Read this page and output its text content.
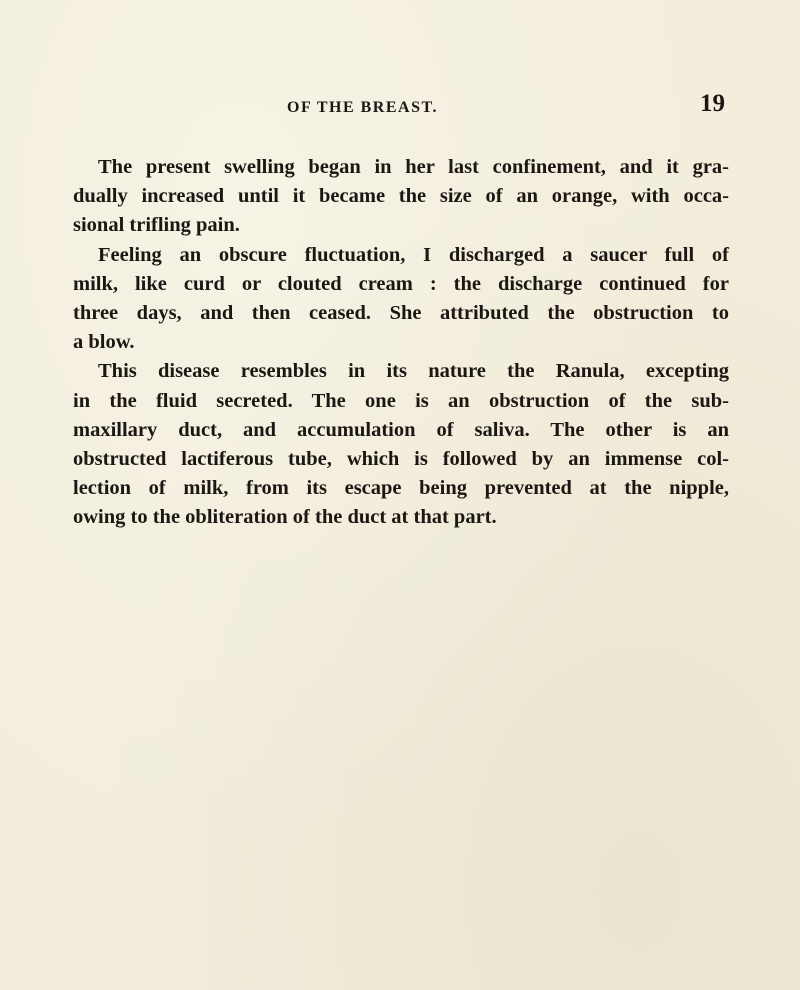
OF THE BREAST.	19
The present swelling began in her last confinement, and it gra-
dually increased until it became the size of an orange, with occa-
sional trifling pain.
Feeling an obscure fluctuation, I discharged a saucer full of
milk, like curd or clouted cream : the discharge continued for
three days, and then ceased. She attributed the obstruction to
a blow.
This disease resembles in its nature the Ranula, excepting
in the fluid secreted. The one is an obstruction of the sub-
maxillary duct, and accumulation of saliva. The other is an
obstructed lactiferous tube, which is followed by an immense col-
lection of milk, from its escape being prevented at the nipple,
owing to the obliteration of the duct at that part.
